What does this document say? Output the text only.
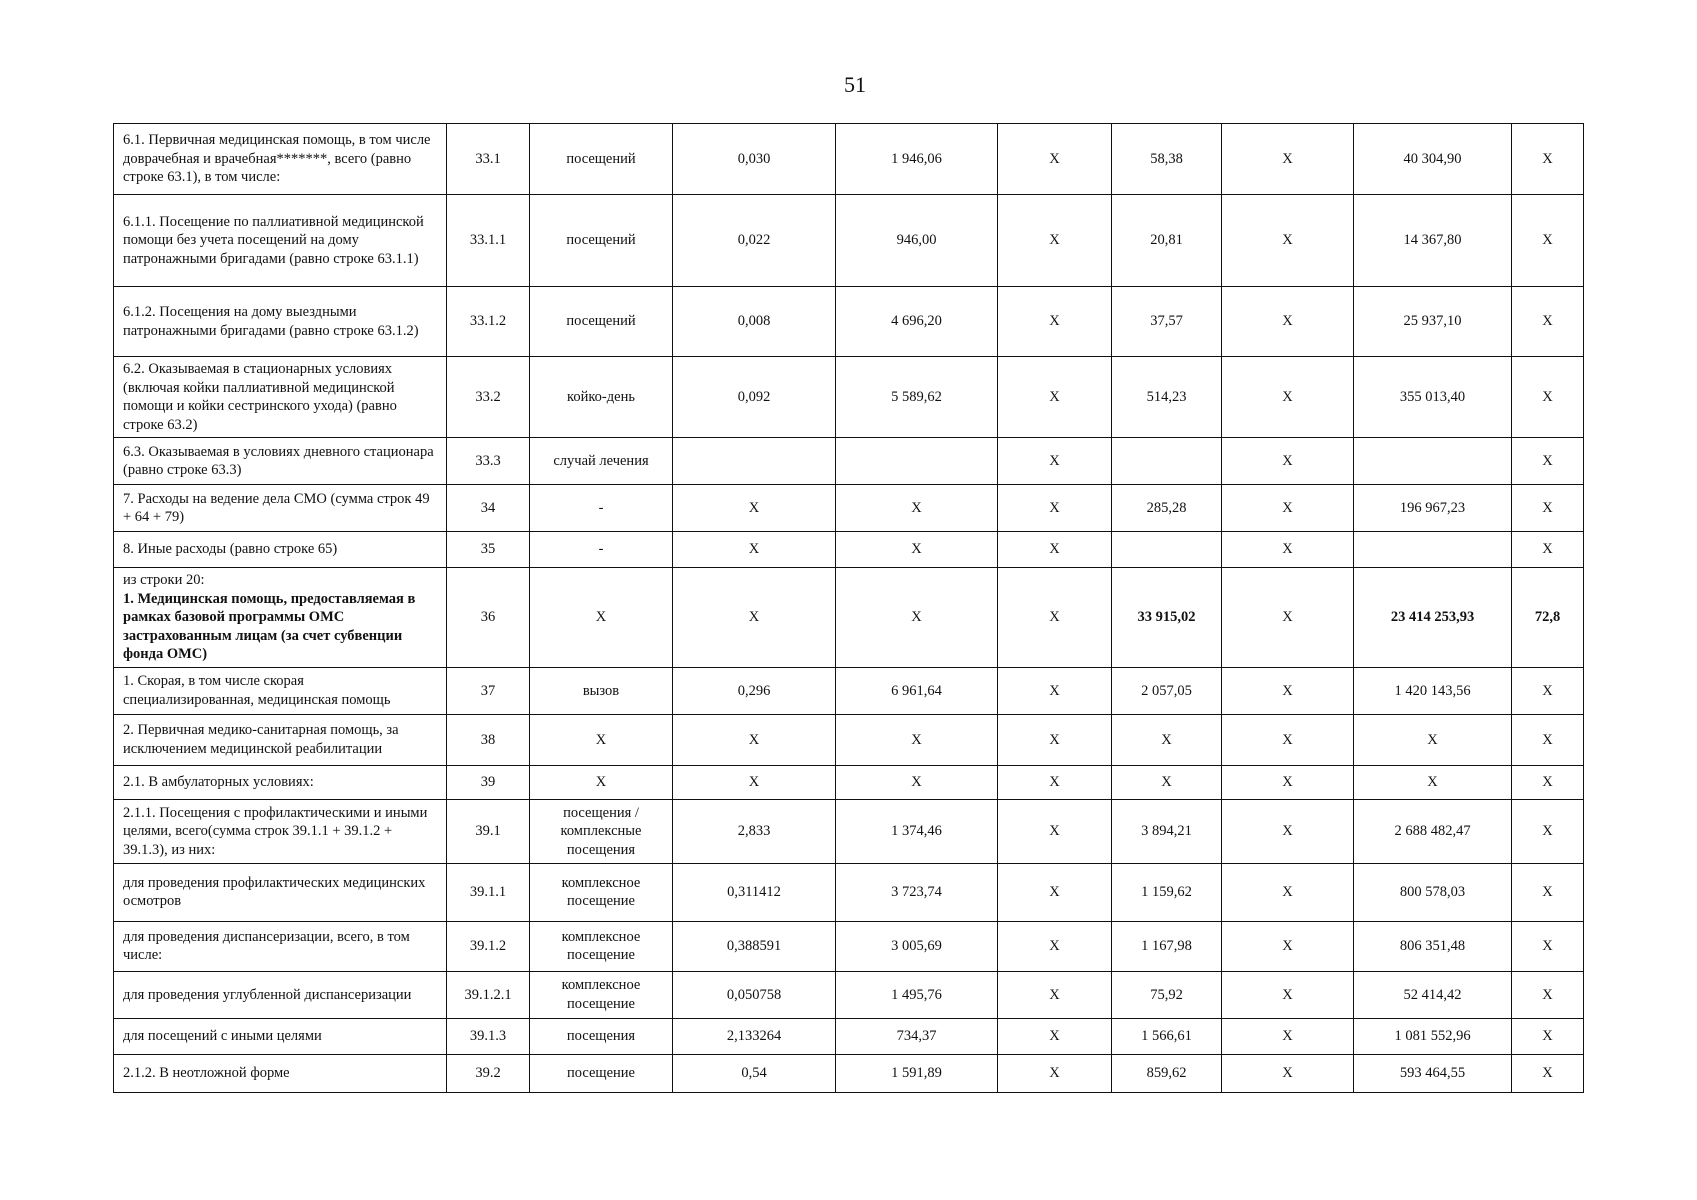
51
6.1. Первичная медицинская помощь, в том числе доврачебная и врачебная*******, всего (равно строке 63.1), в том числе:	33.1	посещений	0,030	1 946,06	X	58,38	X	40 304,90	X
6.1.1. Посещение по паллиативной медицинской помощи без учета посещений на дому патронажными бригадами (равно строке 63.1.1)	33.1.1	посещений	0,022	946,00	X	20,81	X	14 367,80	X
6.1.2. Посещения на дому выездными патронажными бригадами (равно строке 63.1.2)	33.1.2	посещений	0,008	4 696,20	X	37,57	X	25 937,10	X
6.2. Оказываемая в стационарных условиях (включая койки паллиативной медицинской помощи и койки сестринского ухода) (равно строке 63.2)	33.2	койко-день	0,092	5 589,62	X	514,23	X	355 013,40	X
6.3. Оказываемая в условиях дневного стационара (равно строке 63.3)	33.3	случай лечения			X		X		X
7. Расходы на ведение дела СМО (сумма строк 49 + 64 + 79)	34	-	X	X	X	285,28	X	196 967,23	X
8. Иные расходы (равно строке 65)	35	-	X	X	X		X		X

из строки 20:
1. Медицинская помощь, предоставляемая в рамках базовой программы ОМС застрахованным лицам (за счет субвенции фонда ОМС)	36	X	X	X	X	33 915,02	X	23 414 253,93	72,8
1. Скорая, в том числе скорая специализированная, медицинская помощь	37	вызов	0,296	6 961,64	X	2 057,05	X	1 420 143,56	X
2. Первичная медико-санитарная помощь, за исключением медицинской реабилитации	38	X	X	X	X	X	X	X	X
2.1. В амбулаторных условиях:	39	X	X	X	X	X	X	X	X
2.1.1. Посещения с профилактическими и иными целями, всего(сумма строк 39.1.1 + 39.1.2 + 39.1.3), из них:	39.1	посещения / комплексные посещения	2,833	1 374,46	X	3 894,21	X	2 688 482,47	X
для проведения профилактических медицинских осмотров	39.1.1	комплексное посещение	0,311412	3 723,74	X	1 159,62	X	800 578,03	X
для проведения диспансеризации, всего, в том числе:	39.1.2	комплексное посещение	0,388591	3 005,69	X	1 167,98	X	806 351,48	X
для проведения углубленной диспансеризации	39.1.2.1	комплексное посещение	0,050758	1 495,76	X	75,92	X	52 414,42	X
для посещений с иными целями	39.1.3	посещения	2,133264	734,37	X	1 566,61	X	1 081 552,96	X
2.1.2. В неотложной форме	39.2	посещение	0,54	1 591,89	X	859,62	X	593 464,55	X
